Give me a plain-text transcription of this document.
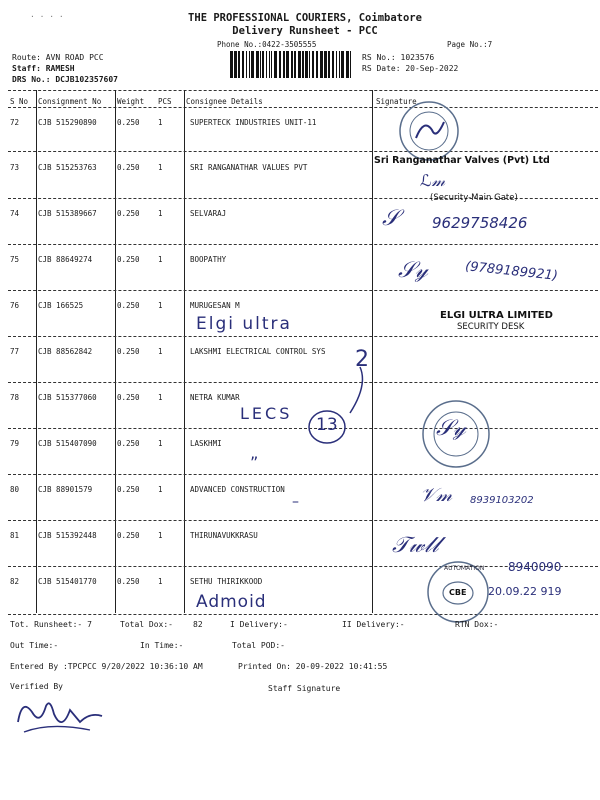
· · · ·	THE PROFESSIONAL COURIERS, Coimbatore
Delivery Runsheet - PCC
Phone No.:0422-3505555	Page No.:7
Route: AVN ROAD PCC
Staff: RAMESH
DRS No.: DCJB102357607
RS No.: 1023576
RS Date: 20-Sep-2022
S No Consignment No Weight PCS Consignee Details	Signature
72	CJB 515290890	0.250 1	SUPERTECK INDUSTRIES UNIT-11
73	CJB 515253763	0.250 1	SRI RANGANATHAR VALUES PVT
74	CJB 515389667	0.250 1	SELVARAJ
75	CJB 88649274	0.250 1	BOOPATHY
76	CJB 166525	0.250 1	MURUGESAN M
77	CJB 88562842	0.250 1	LAKSHMI ELECTRICAL CONTROL SYS
78	CJB 515377060	0.250 1	NETRA KUMAR
79	CJB 515407090	0.250 1	LASKHMI
80	CJB 88901579	0.250 1	ADVANCED CONSTRUCTION
81	CJB 515392448	0.250 1	THIRUNAVUKKRASU
82	CJB 515401770	0.250 1	SETHU THIRIKKOOD
Sri Ranganathar Valves (Pvt) Ltd
ℒ𝓂
(Security-Main Gate)
𝒮 9629758426
𝒮𝓎	(9789189921)
Elgi ultra	ELGI ULTRA LIMITED
SECURITY DESK
2
LECS
13	𝒮𝓎
”
–	𝒱𝓂 8939103202
𝒯𝓌𝓁𝓁
8940090
AUTOMATION
CBE 20.09.22 919
Admoid
Tot. Runsheet:- 7	Total Dox:-	82	I Delivery:-	II Delivery:-	RTN Dox:-
Out Time:-	In Time:-	Total POD:-
Entered By :TPCPCC 9/20/2022 10:36:10 AM	Printed On: 20-09-2022 10:41:55
Verified By	Staff Signature
